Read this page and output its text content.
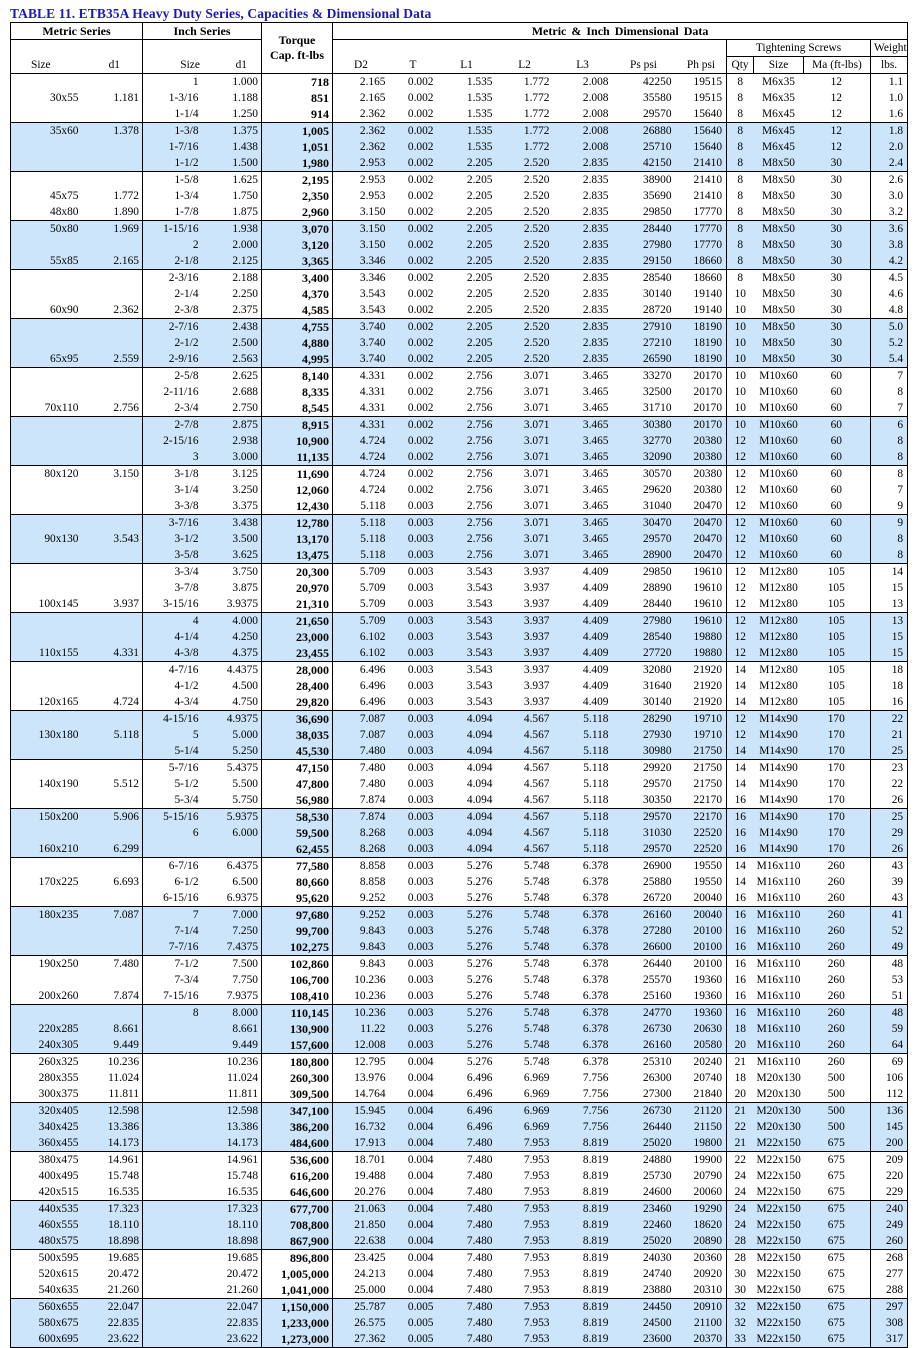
TABLE 11. ETB35A Heavy Duty Series, Capacities & Dimensional Data
Metric Series		Inch Series		Torque
Cap. ft-lbs	Metric & Inch Dimensional Data										
Size d1		Size d1			D2 T L1 L2 L3 Ps psi Ph psi							Tightening Screws			Weight
												Qty	Size	Ma (ft-lbs)	lbs.
		1	1.000	718	2.165	0.002	1.535	1.772	2.008	42250	19515	8	M6x35	12	1.1
30x55	1.181	1-3/16	1.188	851	2.165	0.002	1.535	1.772	2.008	35580	19515	8	M6x35	12	1.0
		1-1/4	1.250	914	2.362	0.002	1.535	1.772	2.008	29570	15640	8	M6x45	12	1.6
35x60	1.378	1-3/8	1.375	1,005	2.362	0.002	1.535	1.772	2.008	26880	15640	8	M6x45	12	1.8
		1-7/16	1.438	1,051	2.362	0.002	1.535	1.772	2.008	25710	15640	8	M6x45	12	2.0
		1-1/2	1.500	1,980	2.953	0.002	2.205	2.520	2.835	42150	21410	8	M8x50	30	2.4
		1-5/8	1.625	2,195	2.953	0.002	2.205	2.520	2.835	38900	21410	8	M8x50	30	2.6
45x75	1.772	1-3/4	1.750	2,350	2.953	0.002	2.205	2.520	2.835	35690	21410	8	M8x50	30	3.0
48x80	1.890	1-7/8	1.875	2,960	3.150	0.002	2.205	2.520	2.835	29850	17770	8	M8x50	30	3.2
50x80	1.969	1-15/16	1.938	3,070	3.150	0.002	2.205	2.520	2.835	28440	17770	8	M8x50	30	3.6
		2	2.000	3,120	3.150	0.002	2.205	2.520	2.835	27980	17770	8	M8x50	30	3.8
55x85	2.165	2-1/8	2.125	3,365	3.346	0.002	2.205	2.520	2.835	29150	18660	8	M8x50	30	4.2
		2-3/16	2.188	3,400	3.346	0.002	2.205	2.520	2.835	28540	18660	8	M8x50	30	4.5
		2-1/4	2.250	4,370	3.543	0.002	2.205	2.520	2.835	30140	19140	10	M8x50	30	4.6
60x90	2.362	2-3/8	2.375	4,585	3.543	0.002	2.205	2.520	2.835	28720	19140	10	M8x50	30	4.8
		2-7/16	2.438	4,755	3.740	0.002	2.205	2.520	2.835	27910	18190	10	M8x50	30	5.0
		2-1/2	2.500	4,880	3.740	0.002	2.205	2.520	2.835	27210	18190	10	M8x50	30	5.2
65x95	2.559	2-9/16	2.563	4,995	3.740	0.002	2.205	2.520	2.835	26590	18190	10	M8x50	30	5.4
		2-5/8	2.625	8,140	4.331	0.002	2.756	3.071	3.465	33270	20170	10	M10x60	60	7
		2-11/16	2.688	8,335	4.331	0.002	2.756	3.071	3.465	32500	20170	10	M10x60	60	8
70x110	2.756	2-3/4	2.750	8,545	4.331	0.002	2.756	3.071	3.465	31710	20170	10	M10x60	60	7
		2-7/8	2.875	8,915	4.331	0.002	2.756	3.071	3.465	30380	20170	10	M10x60	60	6
		2-15/16	2.938	10,900	4.724	0.002	2.756	3.071	3.465	32770	20380	12	M10x60	60	8
		3	3.000	11,135	4.724	0.002	2.756	3.071	3.465	32090	20380	12	M10x60	60	8
80x120	3.150	3-1/8	3.125	11,690	4.724	0.002	2.756	3.071	3.465	30570	20380	12	M10x60	60	8
		3-1/4	3.250	12,060	4.724	0.002	2.756	3.071	3.465	29620	20380	12	M10x60	60	7
		3-3/8	3.375	12,430	5.118	0.003	2.756	3.071	3.465	31040	20470	12	M10x60	60	9
		3-7/16	3.438	12,780	5.118	0.003	2.756	3.071	3.465	30470	20470	12	M10x60	60	9
90x130	3.543	3-1/2	3.500	13,170	5.118	0.003	2.756	3.071	3.465	29570	20470	12	M10x60	60	8
		3-5/8	3.625	13,475	5.118	0.003	2.756	3.071	3.465	28900	20470	12	M10x60	60	8
		3-3/4	3.750	20,300	5.709	0.003	3.543	3.937	4.409	29850	19610	12	M12x80	105	14
		3-7/8	3.875	20,970	5.709	0.003	3.543	3.937	4.409	28890	19610	12	M12x80	105	15
100x145	3.937	3-15/16	3.9375	21,310	5.709	0.003	3.543	3.937	4.409	28440	19610	12	M12x80	105	13
		4	4.000	21,650	5.709	0.003	3.543	3.937	4.409	27980	19610	12	M12x80	105	13
		4-1/4	4.250	23,000	6.102	0.003	3.543	3.937	4.409	28540	19880	12	M12x80	105	15
110x155	4.331	4-3/8	4.375	23,455	6.102	0.003	3.543	3.937	4.409	27720	19880	12	M12x80	105	15
		4-7/16	4.4375	28,000	6.496	0.003	3.543	3.937	4.409	32080	21920	14	M12x80	105	18
		4-1/2	4.500	28,400	6.496	0.003	3.543	3.937	4.409	31640	21920	14	M12x80	105	18
120x165	4.724	4-3/4	4.750	29,820	6.496	0.003	3.543	3.937	4.409	30140	21920	14	M12x80	105	16
		4-15/16	4.9375	36,690	7.087	0.003	4.094	4.567	5.118	28290	19710	12	M14x90	170	22
130x180	5.118	5	5.000	38,035	7.087	0.003	4.094	4.567	5.118	27930	19710	12	M14x90	170	21
		5-1/4	5.250	45,530	7.480	0.003	4.094	4.567	5.118	30980	21750	14	M14x90	170	25
		5-7/16	5.4375	47,150	7.480	0.003	4.094	4.567	5.118	29920	21750	14	M14x90	170	23
140x190	5.512	5-1/2	5.500	47,800	7.480	0.003	4.094	4.567	5.118	29570	21750	14	M14x90	170	22
		5-3/4	5.750	56,980	7.874	0.003	4.094	4.567	5.118	30350	22170	16	M14x90	170	26
150x200	5.906	5-15/16	5.9375	58,530	7.874	0.003	4.094	4.567	5.118	29570	22170	16	M14x90	170	25
		6	6.000	59,500	8.268	0.003	4.094	4.567	5.118	31030	22520	16	M14x90	170	29
160x210	6.299			62,455	8.268	0.003	4.094	4.567	5.118	29570	22520	16	M14x90	170	26
		6-7/16	6.4375	77,580	8.858	0.003	5.276	5.748	6.378	26900	19550	14	M16x110	260	43
170x225	6.693	6-1/2	6.500	80,660	8.858	0.003	5.276	5.748	6.378	25880	19550	14	M16x110	260	39
		6-15/16	6.9375	95,620	9.252	0.003	5.276	5.748	6.378	26720	20040	16	M16x110	260	43
180x235	7.087	7	7.000	97,680	9.252	0.003	5.276	5.748	6.378	26160	20040	16	M16x110	260	41
		7-1/4	7.250	99,700	9.843	0.003	5.276	5.748	6.378	27280	20100	16	M16x110	260	52
		7-7/16	7.4375	102,275	9.843	0.003	5.276	5.748	6.378	26600	20100	16	M16x110	260	49
190x250	7.480	7-1/2	7.500	102,860	9.843	0.003	5.276	5.748	6.378	26440	20100	16	M16x110	260	48
		7-3/4	7.750	106,700	10.236	0.003	5.276	5.748	6.378	25570	19360	16	M16x110	260	53
200x260	7.874	7-15/16	7.9375	108,410	10.236	0.003	5.276	5.748	6.378	25160	19360	16	M16x110	260	51
		8	8.000	110,145	10.236	0.003	5.276	5.748	6.378	24770	19360	16	M16x110	260	48
220x285	8.661		8.661	130,900	11.22	0.003	5.276	5.748	6.378	26730	20630	18	M16x110	260	59
240x305	9.449		9.449	157,600	12.008	0.003	5.276	5.748	6.378	26160	20580	20	M16x110	260	64
260x325	10.236		10.236	180,800	12.795	0.004	5.276	5.748	6.378	25310	20240	21	M16x110	260	69
280x355	11.024		11.024	260,300	13.976	0.004	6.496	6.969	7.756	26300	20740	18	M20x130	500	106
300x375	11.811		11.811	309,500	14.764	0.004	6.496	6.969	7.756	27300	21840	20	M20x130	500	112
320x405	12.598		12.598	347,100	15.945	0.004	6.496	6.969	7.756	26730	21120	21	M20x130	500	136
340x425	13.386		13.386	386,200	16.732	0.004	6.496	6.969	7.756	26440	21150	22	M20x130	500	145
360x455	14.173		14.173	484,600	17.913	0.004	7.480	7.953	8.819	25020	19800	21	M22x150	675	200
380x475	14.961		14.961	536,600	18.701	0.004	7.480	7.953	8.819	24880	19900	22	M22x150	675	209
400x495	15.748		15.748	616,200	19.488	0.004	7.480	7.953	8.819	25730	20790	24	M22x150	675	220
420x515	16.535		16.535	646,600	20.276	0.004	7.480	7.953	8.819	24600	20060	24	M22x150	675	229
440x535	17.323		17.323	677,700	21.063	0.004	7.480	7.953	8.819	23460	19290	24	M22x150	675	240
460x555	18.110		18.110	708,800	21.850	0.004	7.480	7.953	8.819	22460	18620	24	M22x150	675	249
480x575	18.898		18.898	867,900	22.638	0.004	7.480	7.953	8.819	25020	20890	28	M22x150	675	260
500x595	19.685		19.685	896,800	23.425	0.004	7.480	7.953	8.819	24030	20360	28	M22x150	675	268
520x615	20.472		20.472	1,005,000	24.213	0.004	7.480	7.953	8.819	24740	20920	30	M22x150	675	277
540x635	21.260		21.260	1,041,000	25.000	0.004	7.480	7.953	8.819	23880	20310	30	M22x150	675	288
560x655	22.047		22.047	1,150,000	25.787	0.005	7.480	7.953	8.819	24450	20910	32	M22x150	675	297
580x675	22.835		22.835	1,233,000	26.575	0.005	7.480	7.953	8.819	24500	21100	32	M22x150	675	308
600x695	23.622		23.622	1,273,000	27.362	0.005	7.480	7.953	8.819	23600	20370	33	M22x150	675	317
